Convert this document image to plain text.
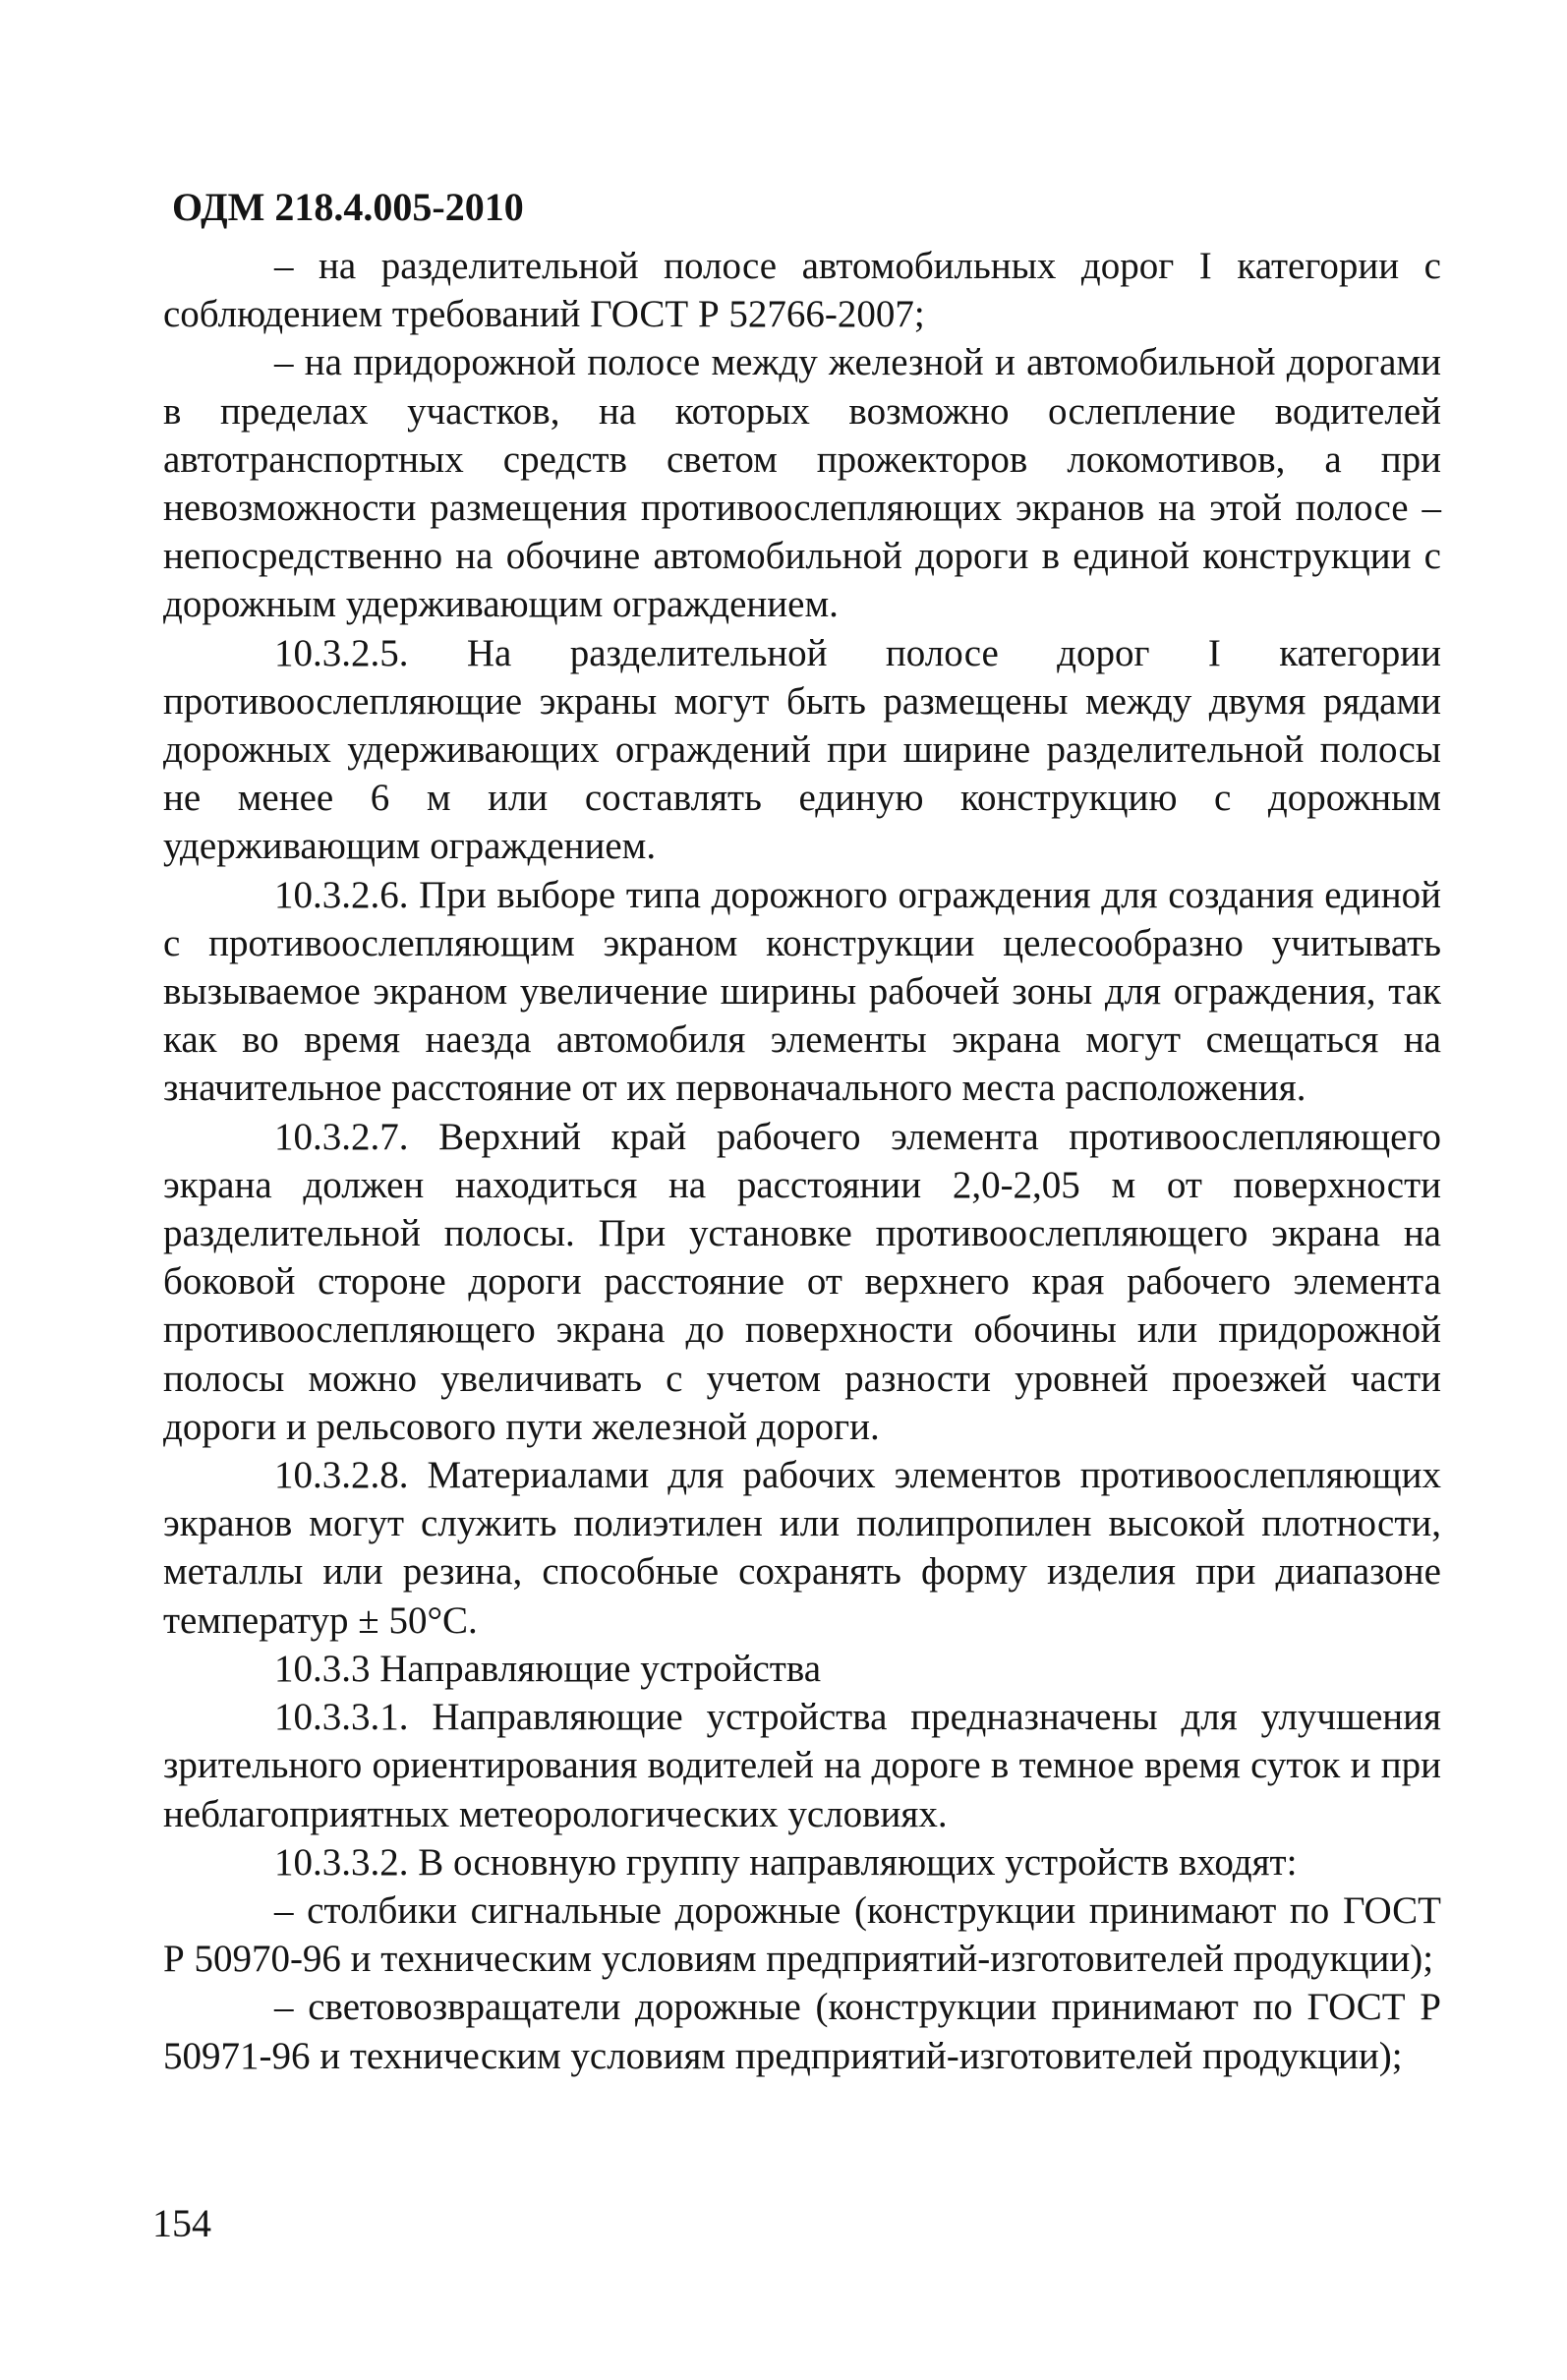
ОДМ 218.4.005-2010

– на разделительной полосе автомобильных дорог I категории с соблюдением требований ГОСТ Р 52766-2007;

– на придорожной полосе между железной и автомобильной дорогами в пределах участков, на которых возможно ослепление водителей автотранспортных средств светом прожекторов локомотивов, а при невозможности размещения противоослепляющих экранов на этой полосе – непосредственно на обочине автомобильной дороги в единой конструкции с дорожным удерживающим ограждением.

10.3.2.5. На разделительной полосе дорог I категории противоослепляющие экраны могут быть размещены между двумя рядами дорожных удерживающих ограждений при ширине разделительной полосы не менее 6 м или составлять единую конструкцию с дорожным удерживающим ограждением.

10.3.2.6. При выборе типа дорожного ограждения для создания единой с противоослепляющим экраном конструкции целесообразно учитывать вызываемое экраном увеличение ширины рабочей зоны для ограждения, так как во время наезда автомобиля элементы экрана могут смещаться на значительное расстояние от их первоначального места расположения.

10.3.2.7. Верхний край рабочего элемента противоослепляющего экрана должен находиться на расстоянии 2,0-2,05 м от поверхности разделительной полосы. При установке противоослепляющего экрана на боковой стороне дороги расстояние от верхнего края рабочего элемента противоослепляющего экрана до поверхности обочины или придорожной полосы можно увеличивать с учетом разности уровней проезжей части дороги и рельсового пути железной дороги.

10.3.2.8. Материалами для рабочих элементов противоослепляющих экранов могут служить полиэтилен или полипропилен высокой плотности, металлы или резина, способные сохранять форму изделия при диапазоне температур ± 50°С.

10.3.3 Направляющие устройства

10.3.3.1. Направляющие устройства предназначены для улучшения зрительного ориентирования водителей на дороге в темное время суток и при неблагоприятных метеорологических условиях.

10.3.3.2. В основную группу направляющих устройств входят:

– столбики сигнальные дорожные (конструкции принимают по ГОСТ Р 50970-96 и техническим условиям предприятий-изготовителей продукции);

– световозвращатели дорожные (конструкции принимают по ГОСТ Р 50971-96 и техническим условиям предприятий-изготовителей продукции);

154
